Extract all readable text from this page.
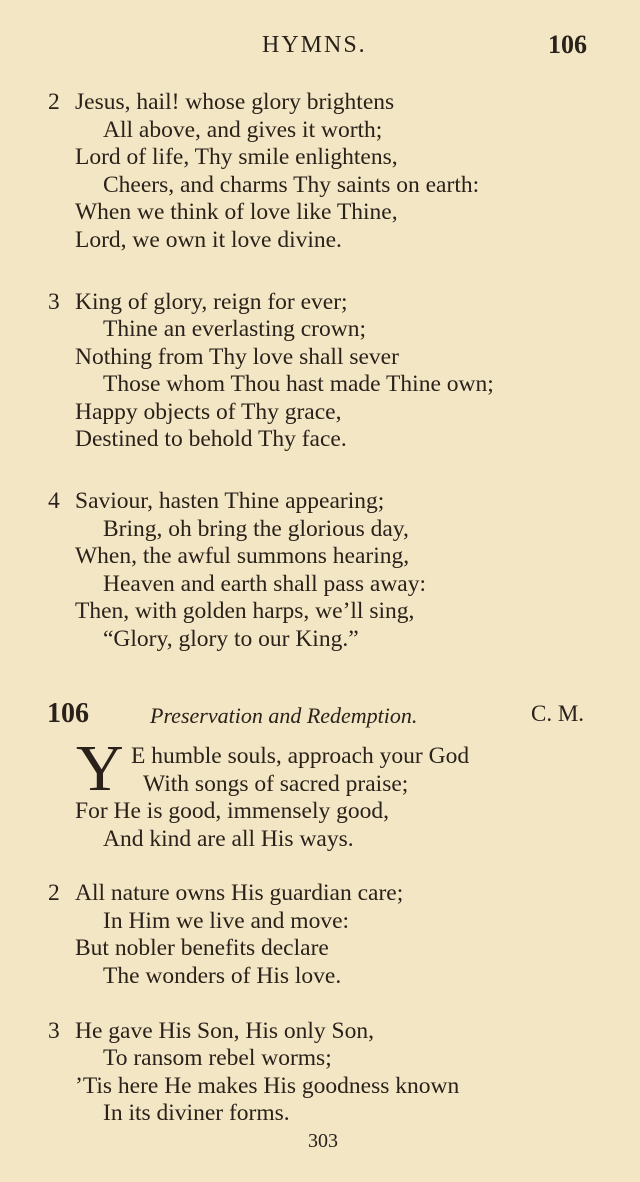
HYMNS.	106
2 Jesus, hail! whose glory brightens
All above, and gives it worth;
Lord of life, Thy smile enlightens,
Cheers, and charms Thy saints on earth:
When we think of love like Thine,
Lord, we own it love divine.
3 King of glory, reign for ever;
Thine an everlasting crown;
Nothing from Thy love shall sever
Those whom Thou hast made Thine own;
Happy objects of Thy grace,
Destined to behold Thy face.
4 Saviour, hasten Thine appearing;
Bring, oh bring the glorious day,
When, the awful summons hearing,
Heaven and earth shall pass away:
Then, with golden harps, we’ll sing,
“Glory, glory to our King.”
106	Preservation and Redemption.	C. M.
Y E humble souls, approach your God
With songs of sacred praise;
For He is good, immensely good,
And kind are all His ways.
2 All nature owns His guardian care;
In Him we live and move:
But nobler benefits declare
The wonders of His love.
3 He gave His Son, His only Son,
To ransom rebel worms;
’Tis here He makes His goodness known
In its diviner forms.
303
